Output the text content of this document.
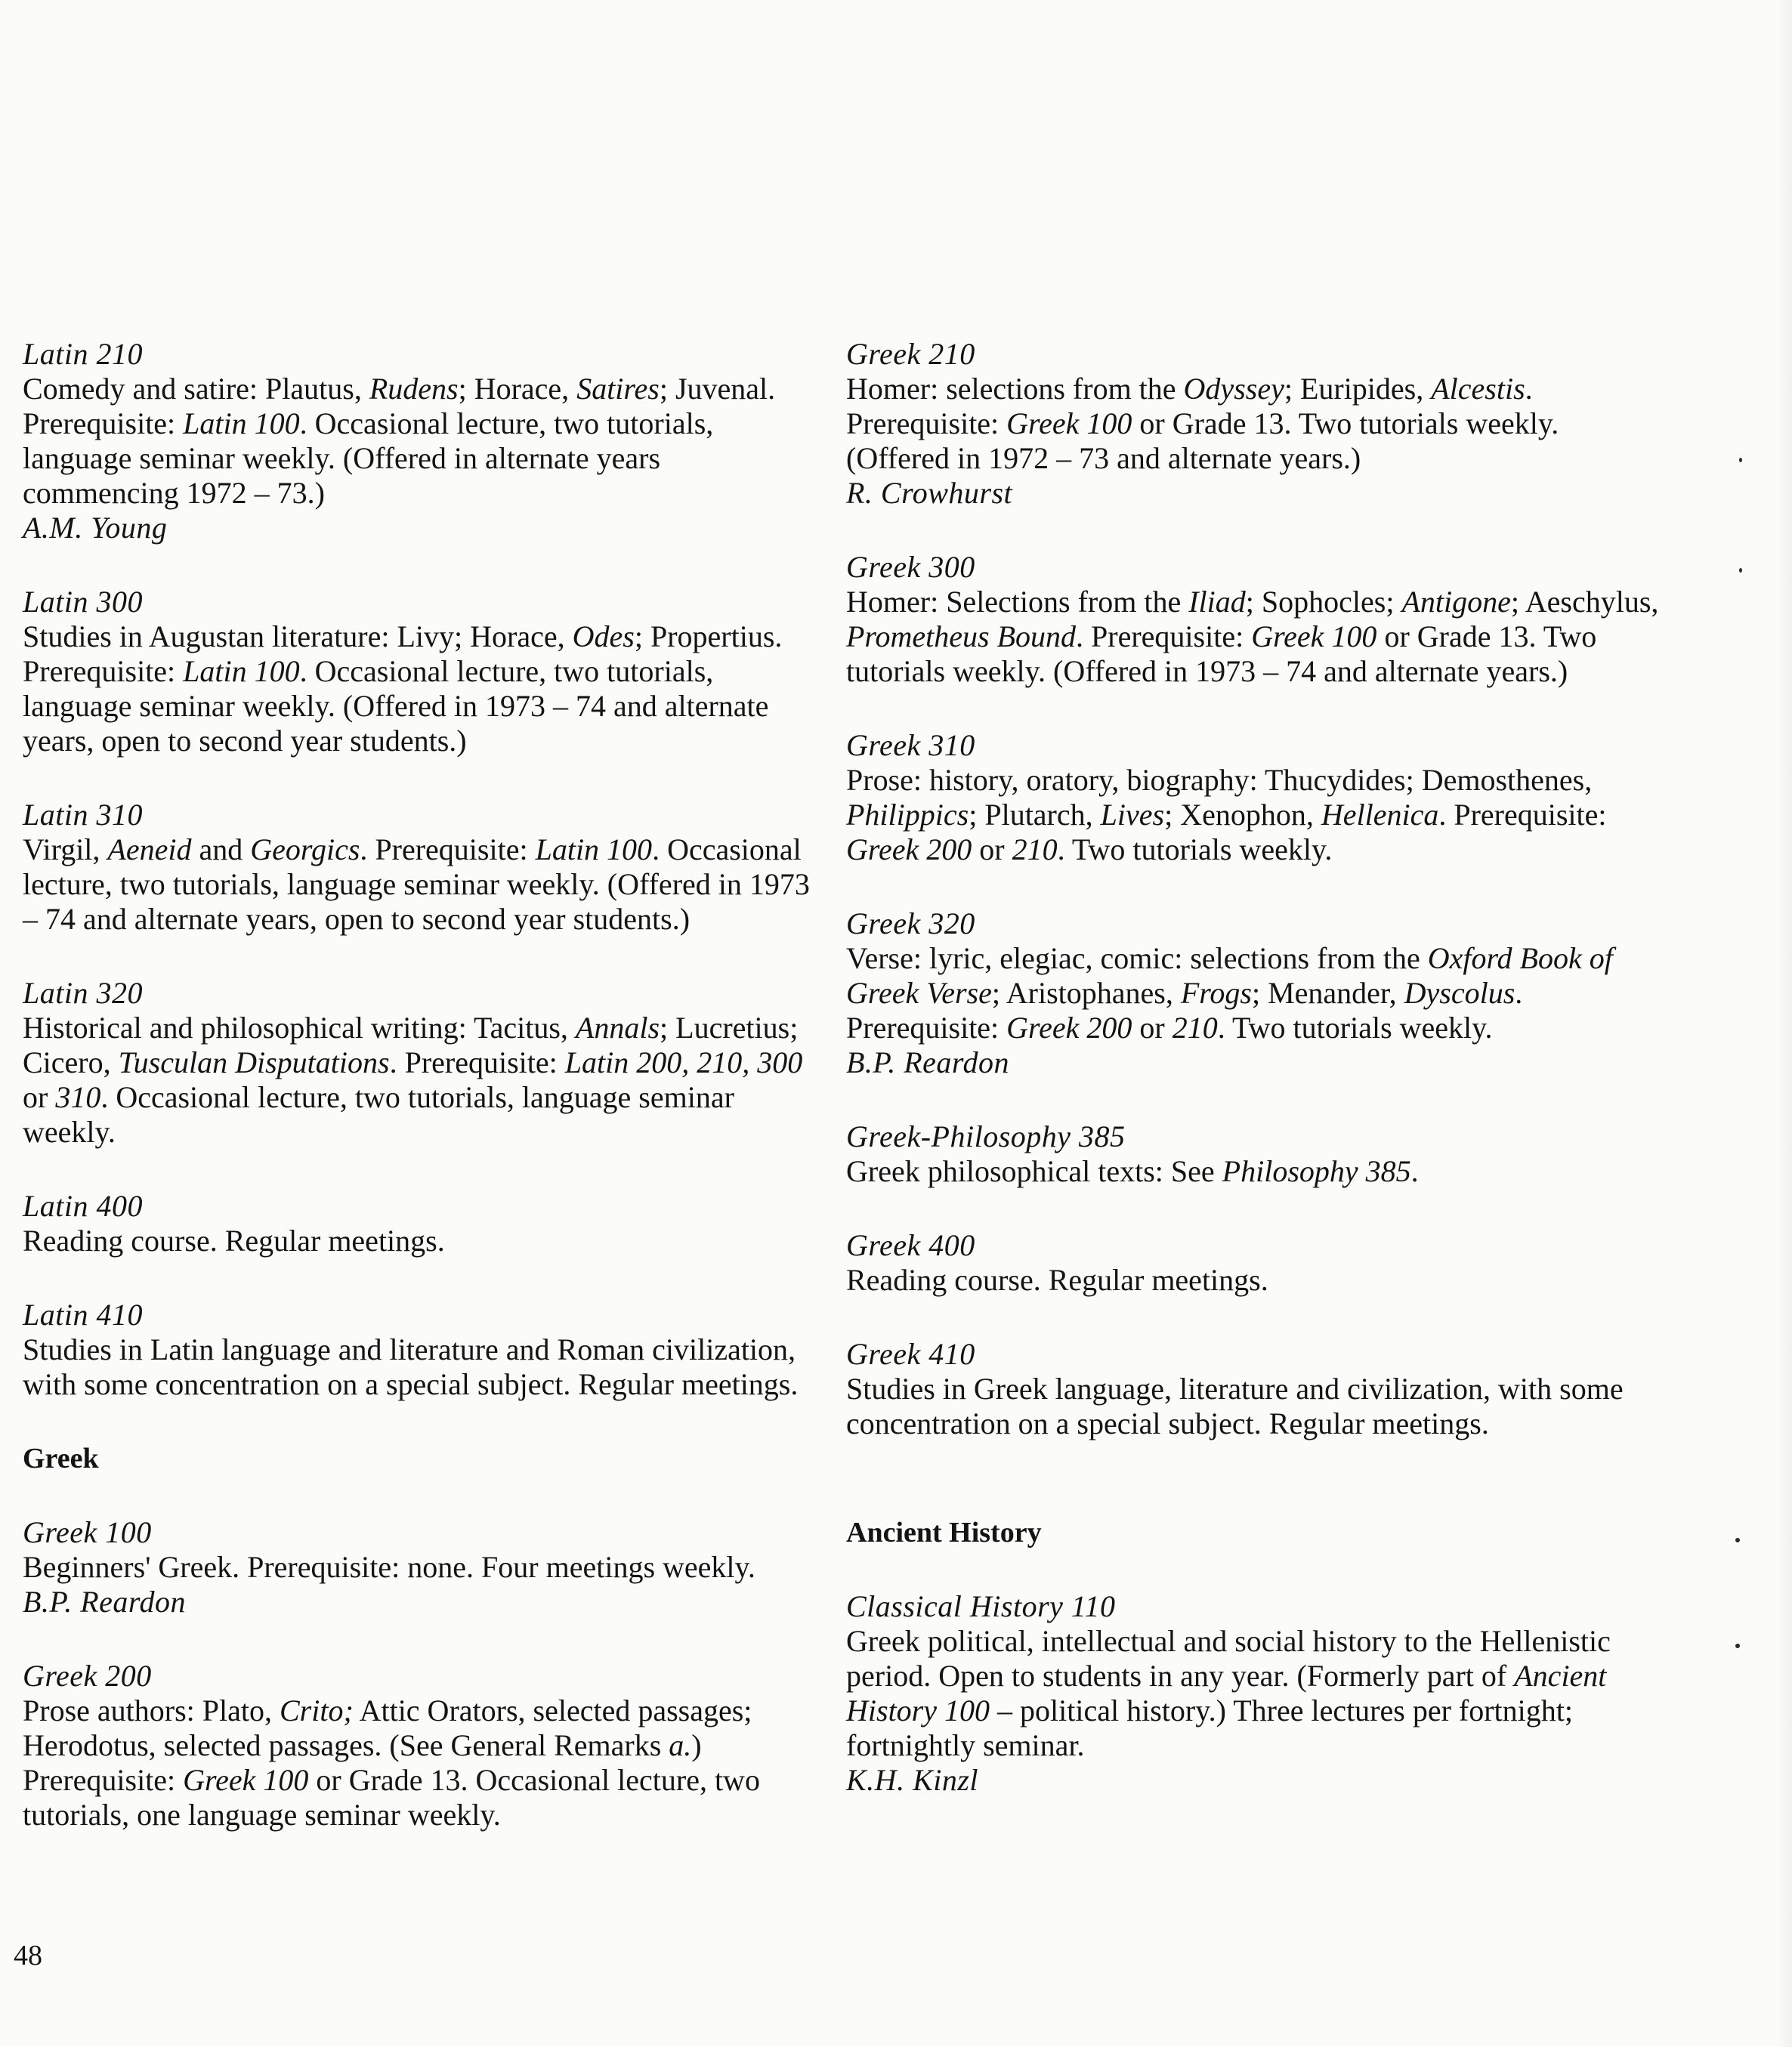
Latin 210
Comedy and satire: Plautus, Rudens; Horace, Satires; Juvenal. Prerequisite: Latin 100. Occasional lecture, two tutorials, language seminar weekly. (Offered in alternate years commencing 1972 – 73.)
A.M. Young
Latin 300
Studies in Augustan literature: Livy; Horace, Odes; Propertius. Prerequisite: Latin 100. Occasional lecture, two tutorials, language seminar weekly. (Offered in 1973 – 74 and alternate years, open to second year students.)
Latin 310
Virgil, Aeneid and Georgics. Prerequisite: Latin 100. Occasional lecture, two tutorials, language seminar weekly. (Offered in 1973 – 74 and alternate years, open to second year students.)
Latin 320
Historical and philosophical writing: Tacitus, Annals; Lucretius; Cicero, Tusculan Disputations. Prerequisite: Latin 200, 210, 300 or 310. Occasional lecture, two tutorials, language seminar weekly.
Latin 400
Reading course. Regular meetings.
Latin 410
Studies in Latin language and literature and Roman civilization, with some concentration on a special subject. Regular meetings.
Greek
Greek 100
Beginners' Greek. Prerequisite: none. Four meetings weekly.
B.P. Reardon
Greek 200
Prose authors: Plato, Crito; Attic Orators, selected passages; Herodotus, selected passages. (See General Remarks a.) Prerequisite: Greek 100 or Grade 13. Occasional lecture, two tutorials, one language seminar weekly.
Greek 210
Homer: selections from the Odyssey; Euripides, Alcestis. Prerequisite: Greek 100 or Grade 13. Two tutorials weekly. (Offered in 1972 – 73 and alternate years.)
R. Crowhurst
Greek 300
Homer: Selections from the Iliad; Sophocles; Antigone; Aeschylus, Prometheus Bound. Prerequisite: Greek 100 or Grade 13. Two tutorials weekly. (Offered in 1973 – 74 and alternate years.)
Greek 310
Prose: history, oratory, biography: Thucydides; Demosthenes, Philippics; Plutarch, Lives; Xenophon, Hellenica. Prerequisite: Greek 200 or 210. Two tutorials weekly.
Greek 320
Verse: lyric, elegiac, comic: selections from the Oxford Book of Greek Verse; Aristophanes, Frogs; Menander, Dyscolus. Prerequisite: Greek 200 or 210. Two tutorials weekly.
B.P. Reardon
Greek-Philosophy 385
Greek philosophical texts: See Philosophy 385.
Greek 400
Reading course. Regular meetings.
Greek 410
Studies in Greek language, literature and civilization, with some concentration on a special subject. Regular meetings.
Ancient History
Classical History 110
Greek political, intellectual and social history to the Hellenistic period. Open to students in any year. (Formerly part of Ancient History 100 – political history.) Three lectures per fortnight; fortnightly seminar.
K.H. Kinzl
48
